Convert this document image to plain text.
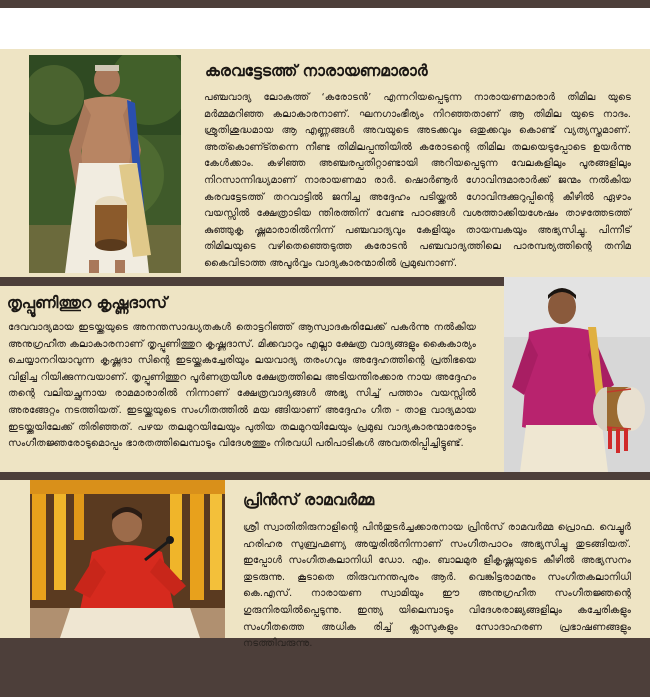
കരവട്ടേടത്ത് നാരായണമാരാർ

പഞ്ചവാദ്യ ലോകത്ത് ‘കരോടൻ’ എന്നറിയപ്പെടുന്ന നാരായണമാരാർ തിമില യുടെ മർമ്മമറിഞ്ഞ കലാകാരനാണ്. ഘനഗാംഭീര്യം നിറഞ്ഞതാണ് ആ തിമില യുടെ നാദം. ശ്രുതിശുദ്ധമായ ആ എണ്ണങ്ങൾ അവയുടെ അടക്കവും ഒതുക്കവും കൊണ്ട് വ്യത്യസ്തമാണ്. അത്കൊണ്ട്തന്നെ നീണ്ട തിമിലപ്പന്തിയിൽ കരോടന്റെ തിമില തലയെടുപ്പോടെ ഉയർന്നു കേൾക്കാം. കഴിഞ്ഞ അഞ്ചരപ്പതിറ്റാണ്ടായി അറിയപ്പെടുന്ന വേലകളിലും പൂരങ്ങളിലും നിറസാന്നിദ്ധ്യമാണ് നാരായണമാ രാർ. ഷൊർണൂർ ഗോവിന്ദമാരാർക്ക് ജന്മം നൽകിയ കരവട്ടേടത്ത് തറവാട്ടിൽ ജനിച്ച അദ്ദേഹം പടിയ്ക്കൽ ഗോവിന്ദക്കുറുപ്പിന്റെ കീഴിൽ ഏഴാം വയസ്സിൽ ക്ഷേത്രാടിയ ന്തിരത്തിന് വേണ്ട പാഠങ്ങൾ വശത്താക്കിയശേഷം താഴത്തേടത്ത് കുഞ്ഞുകൃ ഷ്ണമാരാരിൽനിന്ന് പഞ്ചവാദ്യവും കേളിയും തായമ്പകയും അഭ്യസിച്ചു. പിന്നീട് തിമിലയുടെ വഴിതെഞ്ഞെടുത്ത കരോടൻ പഞ്ചവാദ്യത്തിലെ പാരമ്പര്യത്തിന്റെ തനിമ കൈവിടാത്ത അപൂർവ്വം വാദ്യകാരന്മാരിൽ പ്രമുഖനാണ്.

തൃപ്പൂണിത്തുറ കൃഷ്ണദാസ്

ദേവവാദ്യമായ ഇടയ്ക്കയുടെ അനന്തസാദ്ധ്യതകൾ തൊട്ടറിഞ്ഞ് ആസ്വാദകരിലേക്ക് പകർന്നു നൽകിയ അനുഗ്രഹീത കലാകാരനാണ് തൃപ്പൂണിത്തുറ കൃഷ്ണദാസ്. മിക്കവാറും എല്ലാ ക്ഷേത്ര വാദ്യങ്ങളും കൈകാര്യം ചെയ്യാനറിയാവുന്ന കൃഷ്ണദാ സിന്റെ ഇടയ്ക്കകച്ചേരിയും ലയവാദ്യ തരംഗവും അദ്ദേഹത്തിന്റെ പ്രതിഭയെ വിളിച്ച റിയിക്കുന്നവയാണ്. തൃപ്പൂണിത്തുറ പൂർണത്രയീശ ക്ഷേത്രത്തിലെ അടിയന്തിരക്കാര നായ അദ്ദേഹം തന്റെ വലിയച്ഛനായ രാമമാരാരിൽ നിന്നാണ് ക്ഷേത്രവാദ്യങ്ങൾ അഭ്യ സിച്ച് പത്താം വയസ്സിൽ അരങ്ങേറ്റം നടത്തിയത്. ഇടയ്ക്കയുടെ സംഗീതത്തിൽ മയ ങ്ങിയാണ് അദ്ദേഹം ഗീത - താള വാദ്യമായ ഇടയ്ക്കയിലേക്ക് തിരിഞ്ഞത്. പഴയ തലമുറയിലേയും പുതിയ തലമുറയിലേയും പ്രമുഖ വാദ്യകാരന്മാരോടും സംഗീതജ്ഞരോടുമൊപ്പം ഭാരതത്തിലെമ്പാടും വിദേശത്തും നിരവധി പരിപാടികൾ അവതരിപ്പിച്ചിട്ടുണ്ട്.

പ്രിൻസ് രാമവർമ്മ

ശ്രീ സ്വാതിതിരുനാളിന്റെ പിൻതുടർച്ചക്കാരനായ പ്രിൻസ് രാമവർമ്മ പ്രൊഫ. വെച്ചൂർ ഹരിഹര സുബ്രഹ്മണ്യ അയ്യരിൽനിന്നാണ് സംഗീതപാഠം അഭ്യസിച്ചു തുടങ്ങിയത്. ഇപ്പോൾ സംഗീതകലാനിധി ഡോ. എം. ബാലമുര ളീകൃഷ്ണയുടെ കീഴിൽ അഭ്യസനം തുടരുന്നു. കൂടാതെ തിരുവനന്തപുരം ആർ. വെങ്കിട്ടരാമനും സംഗീതകലാനിധി കെ.എസ്. നാരായണ സ്വാമിയും ഈ അനുഗ്രഹീത സംഗീതജ്ഞന്റെ ഗുരുനിരയിൽപ്പെടുന്നു. ഇന്ത്യ യിലെമ്പാടും വിദേശരാജ്യങ്ങളിലും കച്ചേരികളും സംഗീതത്തെ അധിക രിച്ച് ക്ലാസുകളും സോദാഹരണ പ്രഭാഷണങ്ങളും നടത്തിവരുന്നു.
